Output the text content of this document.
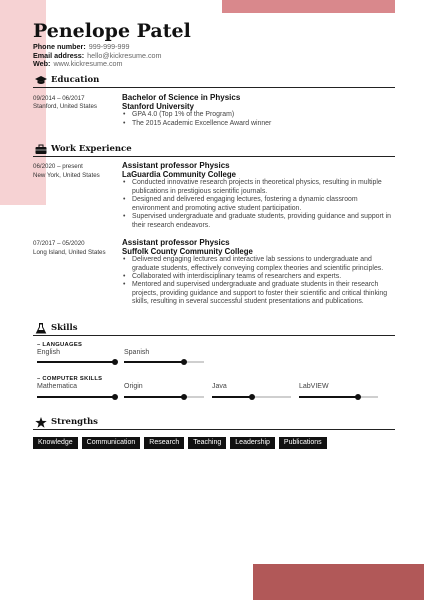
Penelope Patel
Phone number: 999-999-999
Email address: hello@kickresume.com
Web: www.kickresume.com
Education
09/2014 – 06/2017
Stanford, United States
Bachelor of Science in Physics
Stanford University
• GPA 4.0 (Top 1% of the Program)
• The 2015 Academic Excellence Award winner
Work Experience
06/2020 – present
New York, United States
Assistant professor Physics
LaGuardia Community College
• Conducted innovative research projects in theoretical physics, resulting in multiple publications in prestigious scientific journals.
• Designed and delivered engaging lectures, fostering a dynamic classroom environment and promoting active student participation.
• Supervised undergraduate and graduate students, providing guidance and support in their research endeavors.
07/2017 – 05/2020
Long Island, United States
Assistant professor Physics
Suffolk County Community College
• Delivered engaging lectures and interactive lab sessions to undergraduate and graduate students, effectively conveying complex theories and scientific principles.
• Collaborated with interdisciplinary teams of researchers and experts.
• Mentored and supervised undergraduate and graduate students in their research projects, providing guidance and support to foster their scientific and critical thinking skills, resulting in several successful student presentations and publications.
Skills
– LANGUAGES
English	Spanish
– COMPUTER SKILLS
Mathematica	Origin	Java	LabVIEW
Strengths
Knowledge	Communication	Research	Teaching	Leadership	Publications
